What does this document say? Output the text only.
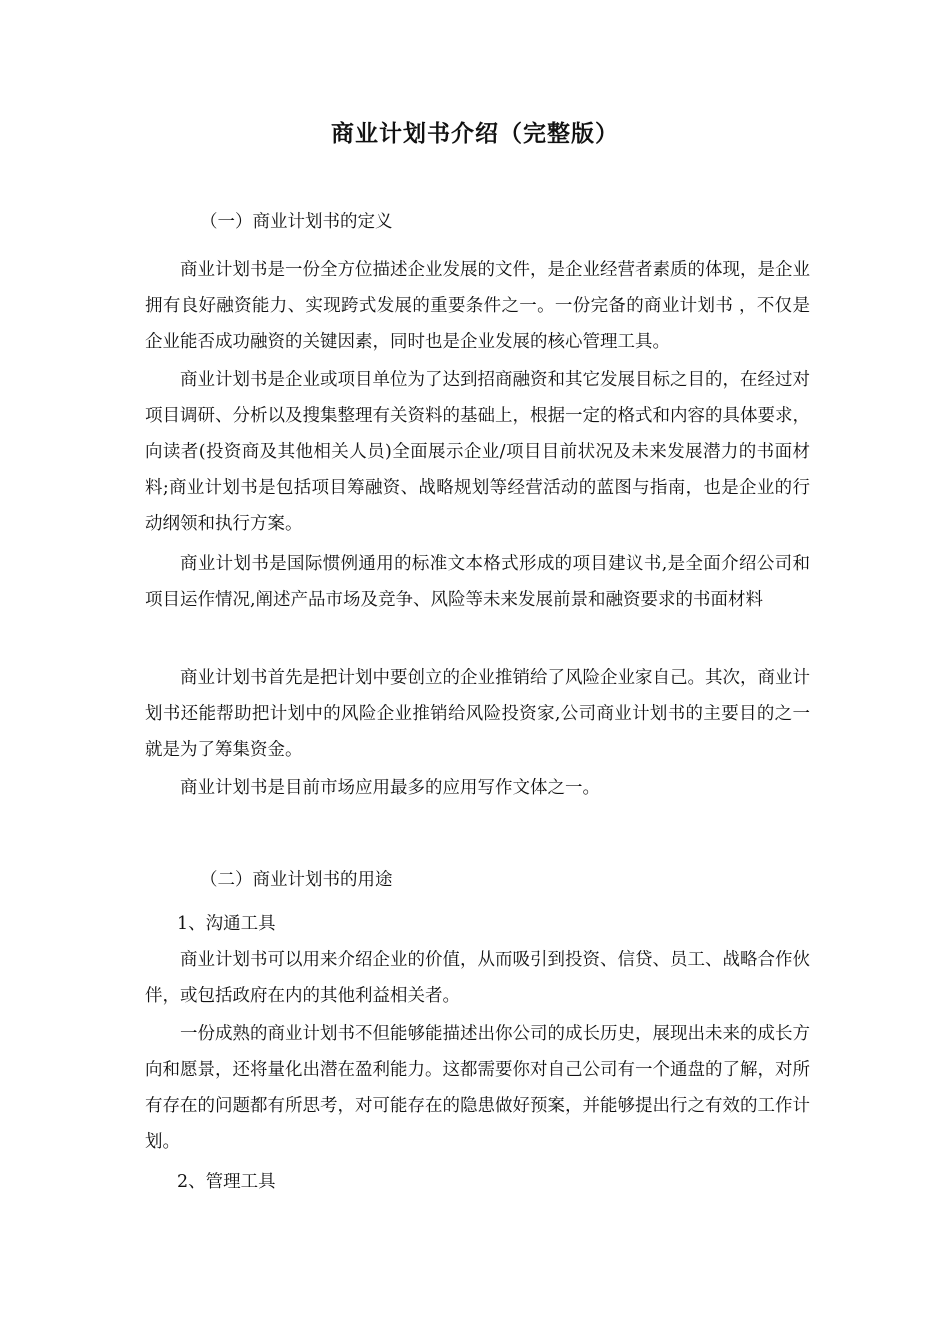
商业计划书介绍（完整版）
（一）商业计划书的定义

商业计划书是一份全方位描述企业发展的文件，是企业经营者素质的体现，是企业拥有良好融资能力、实现跨式发展的重要条件之一。一份完备的商业计划书 ，不仅是企业能否成功融资的关键因素，同时也是企业发展的核心管理工具。

商业计划书是企业或项目单位为了达到招商融资和其它发展目标之目的，在经过对项目调研、分析以及搜集整理有关资料的基础上，根据一定的格式和内容的具体要求，向读者(投资商及其他相关人员)全面展示企业/项目目前状况及未来发展潜力的书面材料;商业计划书是包括项目筹融资、战略规划等经营活动的蓝图与指南，也是企业的行动纲领和执行方案。

商业计划书是国际惯例通用的标准文本格式形成的项目建议书,是全面介绍公司和项目运作情况,阐述产品市场及竞争、风险等未来发展前景和融资要求的书面材料

商业计划书首先是把计划中要创立的企业推销给了风险企业家自己。其次，商业计划书还能帮助把计划中的风险企业推销给风险投资家,公司商业计划书的主要目的之一就是为了筹集资金。

商业计划书是目前市场应用最多的应用写作文体之一。

（二）商业计划书的用途
1、沟通工具

商业计划书可以用来介绍企业的价值，从而吸引到投资、信贷、员工、战略合作伙伴，或包括政府在内的其他利益相关者。

一份成熟的商业计划书不但能够能描述出你公司的成长历史，展现出未来的成长方向和愿景，还将量化出潜在盈利能力。这都需要你对自己公司有一个通盘的了解，对所有存在的问题都有所思考，对可能存在的隐患做好预案，并能够提出行之有效的工作计划。

2、管理工具
